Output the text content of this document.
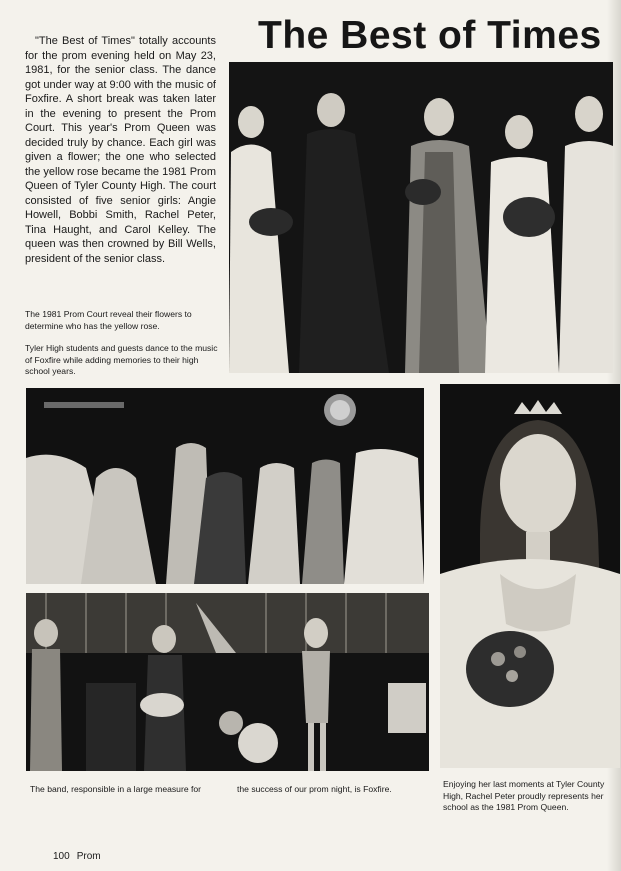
The Best of Times

"The Best of Times" totally accounts for the prom evening held on May 23, 1981, for the senior class. The dance got under way at 9:00 with the music of Foxfire. A short break was taken later in the evening to present the Prom Court. This year's Prom Queen was decided truly by chance. Each girl was given a flower; the one who selected the yellow rose became the 1981 Prom Queen of Tyler County High. The court consisted of five senior girls: Angie Howell, Bobbi Smith, Rachel Peter, Tina Haught, and Carol Kelley. The queen was then crowned by Bill Wells, president of the senior class.

The 1981 Prom Court reveal their flowers to determine who has the yellow rose.

Tyler High students and guests dance to the music of Foxfire while adding memories to their high school years.

The band, responsible in a large measure for	the success of our prom night, is Foxfire.	Enjoying her last moments at Tyler County High, Rachel Peter proudly represents her school as the 1981 Prom Queen.

100 Prom
